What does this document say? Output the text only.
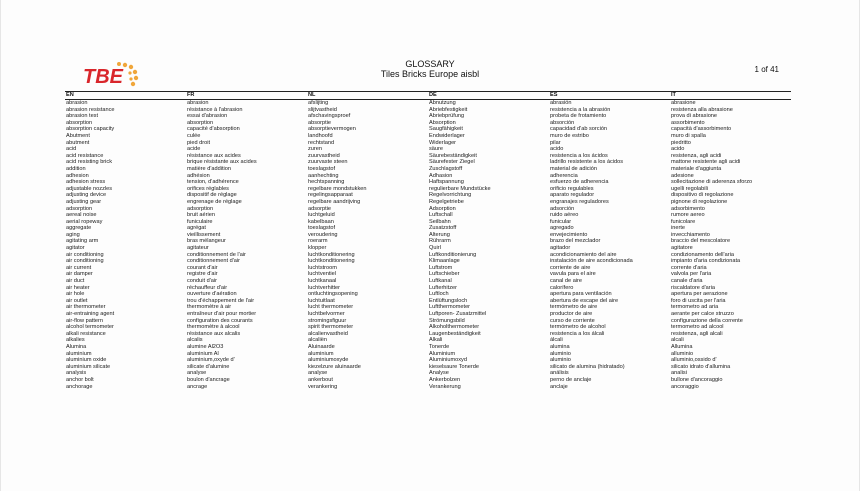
TBE
GLOSSARY
Tiles Bricks Europe aisbl	1 of 41
EN	FR	NL	DE	ES	IT
abrasion	abrasion	afslijting	Abnutzung	abrasión	abrasione
abrasion resistance	résistance à l'abrasion	slijtvastheid	Abriebfestigkeit	resistencia a la abrasión	resistenza alla abrasione
abrasion test	essai d'abrasion	afschavingsproef	Abriebprüfung	probeta de frotamiento	prova di abrasione
absorption	absorption	absorptie	Absorption	absorción	assorbimento
absorption capacity	capacité d'absorption	absorptievermogen	Saugfähigkeit	capacidad d'ab sorción	capacità d'assorbimento
Abutment	culée	landhoofd	Endwiderlager	muro de estribo	muro di spalla
abutment	pied droit	rechtstand	Widerlager	pilar	piedritto
acid	acide	zuren	säure	acido	acido
acid resistance	résistance aux acides	zuurvastheid	Säurebeständigkeit	resistencia a los ácidos	resistenza, agli acidi
acid resisting brick	brique résistante aux acides	zuurvaste steen	Säurefester Ziegel	ladrillo resistente a los ácidos	mattone resistente agli acidi
addition	matière d'addition	toeslagstof	Zuschlagstoff	material de adición	materiale d'aggiunta
adhesion	adhésion	aanhechting	Adhasion	adherencia	adesione
adhesion stress	tension, d'adhérence	hechtspanning	Haftspannung	esfuerzo de adherencia	sollecitazione di aderenza sforzo
adjustable nozzles	orifices réglables	regelbare mondstukken	regulierbare Mundstücke	orificio regulables	ugelli regolabili
adjusting device	dispositif de réglage	regelingsapparaat	Regelvorrichtung	aparato regulador	dispositivo di regolazione
adjusting gear	engrenage de réglage	regelbare aandrijving	Regelgetriebe	engranajes reguladores	pignone di regolazione
adsorption	adsorption	adsorptie	Adsorption	adsorción	adsorbimento
aereal noise	bruit aérien	luchtgeluid	Luftschall	ruido aéreo	rumore aereo
aerial ropeway	funiculaire	kabelbaan	Seilbahn	funicular	funicolare
aggregate	agrégat	toeslagstof	Zusatzstoff	agregado	inerte
aging	vieillissement	veroudering	Alterung	envejecimiento	invecchiamento
agitating arm	bras mélangeur	roerarm	Rührarm	brazo del mezclador	braccio del mescolatore
agitator	agitateur	klopper	Quirl	agitador	agitatore
air conditioning	conditionnement de l'air	luchtkonditionering	Luftkonditionierung	acondicionamiento del aire	condizionamento dell'aria
air conditioning	conditionnement d'air	luchtkonditionering	Klimaanlage	instalación de aire acondicionada	impianto d'aria condizionata
air current	courant d'air	luchtstroom	Luftstrom	corriente de aire	corrente d'aria
air damper	registre d'air	luchtventiel	Luftschieber	vavula para el aire	valvola per l'aria
air duct	conduit d'air	luchtkanaal	Luftkanal	canal de aire	canale d'aria
air heater	réchauffeur d'air	luchtverhitter	Lufterhitzer	calorífero	riscaldatore d'aria
air hole	ouverture d'aération	ontluchtingsopening	Luftloch	apertura para ventilación	apertura per aerazione
air outlet	trou d'échappement de l'air	luchtuitlaat	Entlüftungsloch	abertura de escape del aire	foro di uscita per l'aria
air thermometer	thermomètre à air	lucht thermometer	Luftthermometer	termómetro de aire	termometro ad aria
air-entraining agent	entraîneur d'air pour mortier	luchtbelvormer	Luftporen- Zusatzmittel	productor de aire	aerante per calce struzzo
air-flow pattern	configuration des courants	stromingsfiguur	Strömungsbild	curso de corriente	configurazione della corrente
alcohol termometer	thermomètre à alcool	spirit thermometer	Alkoholthermometer	termómetro de alcohol	termometro ad alcool
alkali resistance	résistance aux alcalis	alcalienvastheid	Laugenbeständigkeit	resistencia a los álcali	resistenza, agli alcali
alkalies	alcalis	alcaliën	Alkali	álcali	alcali
Alumina	alumine Al2O3	Aluinaarde	Tonerde	alumina	Allumina
aluminium	aluminium Al	aluminium	Aluminium	aluminio	alluminio
aluminium oxide	aluminium,oxyde d'	aluminiumoxyde	Aluminiumoxyd	aluminio	alluminio,ossido d'
aluminium silicate	silicate d'alumine	kiezelzure aluinaarde	kieselsaure Tonerde	silicato de alumina (hidratado)	silicato idrato d'allumina
analysis	analyse	analyse	Analyse	análisis	analisi
anchor bolt	boulon d'ancrage	ankerbout	Ankerbolzen	perno de anclaje	bullone d'ancoraggio
anchorage	ancrage	verankering	Verankerung	anclaje	ancoraggio
